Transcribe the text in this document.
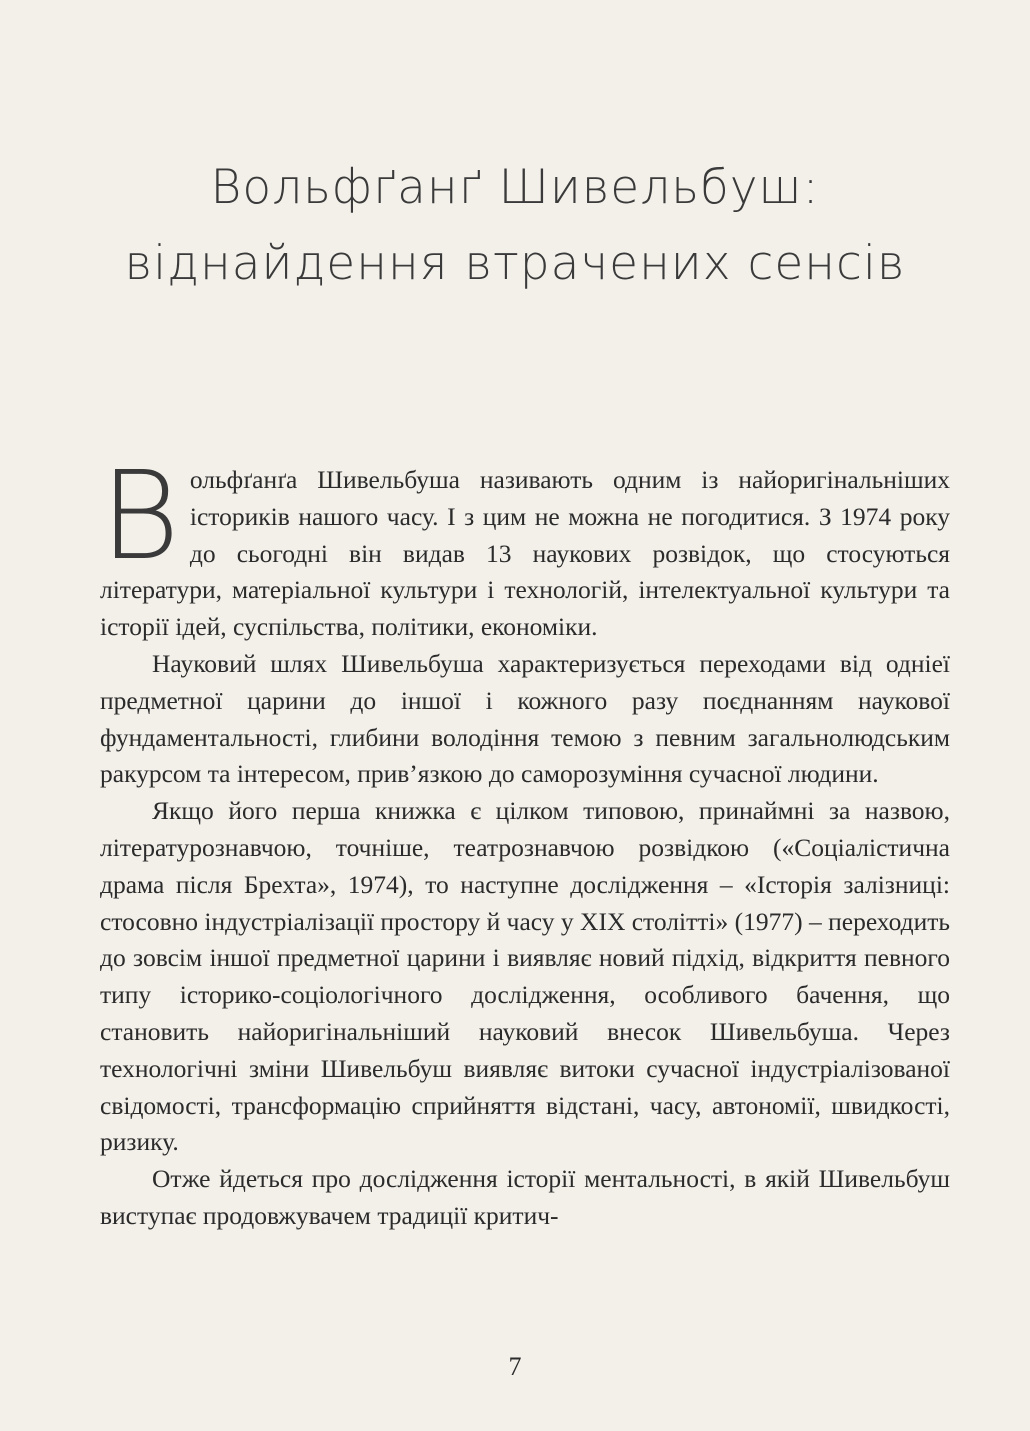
Вольфґанґ Шивельбуш:
віднайдення втрачених сенсів

Вольфґанґа Шивельбуша називають одним із найоригінальніших істориків нашого часу. І з цим не можна не погодитися. З 1974 року до сьогодні він видав 13 наукових розвідок, що стосуються літератури, матеріальної культури і технологій, інтелектуальної культури та історії ідей, суспільства, політики, економіки.

Науковий шлях Шивельбуша характеризується переходами від одніеї предметної царини до іншої і кожного разу поєднанням наукової фундаментальності, глибини володіння темою з певним загальнолюдським ракурсом та інтересом, прив’язкою до саморозуміння сучасної людини.

Якщо його перша книжка є цілком типовою, принаймні за назвою, літературознавчою, точніше, театрознавчою розвідкою («Соціалістична драма після Брехта», 1974), то наступне дослідження – «Історія залізниці: стосовно індустріалізації простору й часу у XIX столітті» (1977) – переходить до зовсім іншої предметної царини і виявляє новий підхід, відкриття певного типу історико-соціологічного дослідження, особливого бачення, що становить найоригінальніший науковий внесок Шивельбуша. Через технологічні зміни Шивельбуш виявляє витоки сучасної індустріалізованої свідомості, трансформацію сприйняття відстані, часу, автономії, швидкості, ризику.

Отже йдеться про дослідження історії ментальності, в якій Шивельбуш виступає продовжувачем традиції критич-

7
